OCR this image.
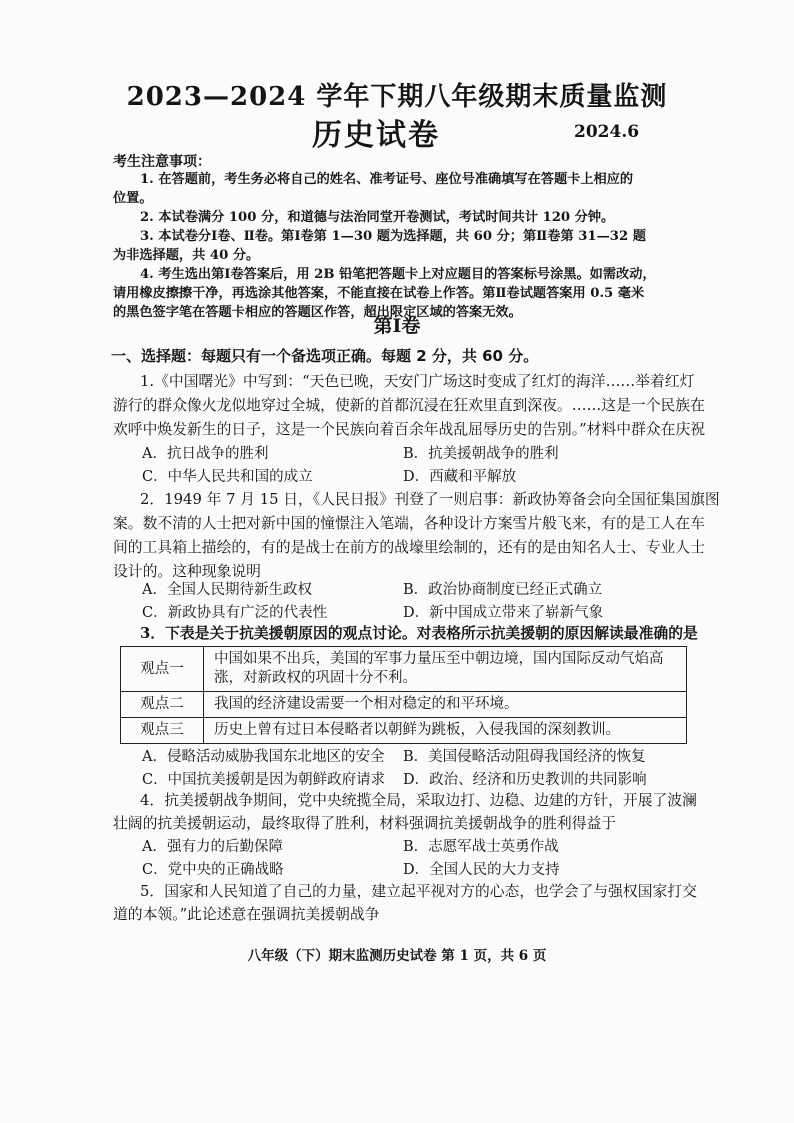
2023—2024 学年下期八年级期末质量监测
历史试卷	2024.6
考生注意事项：
1. 在答题前，考生务必将自己的姓名、准考证号、座位号准确填写在答题卡上相应的
位置。
2. 本试卷满分 100 分，和道德与法治同堂开卷测试，考试时间共计 120 分钟。
3. 本试卷分Ⅰ卷、Ⅱ卷。第Ⅰ卷第 1—30 题为选择题，共 60 分；第Ⅱ卷第 31—32 题
为非选择题，共 40 分。
4. 考生选出第Ⅰ卷答案后，用 2B 铅笔把答题卡上对应题目的答案标号涂黑。如需改动，
请用橡皮擦擦干净，再选涂其他答案，不能直接在试卷上作答。第Ⅱ卷试题答案用 0.5 毫米
的黑色签字笔在答题卡相应的答题区作答，超出限定区域的答案无效。
第Ⅰ卷
一、选择题：每题只有一个备选项正确。每题 2 分，共 60 分。
1.《中国曙光》中写到：“天色已晚，天安门广场这时变成了红灯的海洋……举着红灯
游行的群众像火龙似地穿过全城，使新的首都沉浸在狂欢里直到深夜。……这是一个民族在
欢呼中焕发新生的日子，这是一个民族向着百余年战乱屈辱历史的告别。”材料中群众在庆祝
A．抗日战争的胜利	B．抗美援朝战争的胜利
C．中华人民共和国的成立	D．西藏和平解放
2．1949 年 7 月 15 日，《人民日报》刊登了一则启事：新政协筹备会向全国征集国旗图
案。数不清的人士把对新中国的憧憬注入笔端，各种设计方案雪片般飞来，有的是工人在车
间的工具箱上描绘的，有的是战士在前方的战壕里绘制的，还有的是由知名人士、专业人士
设计的。这种现象说明
A．全国人民期待新生政权	B．政治协商制度已经正式确立
C．新政协具有广泛的代表性	D．新中国成立带来了崭新气象
3．下表是关于抗美援朝原因的观点讨论。对表格所示抗美援朝的原因解读最准确的是
观点一	中国如果不出兵，美国的军事力量压至中朝边境，国内国际反动气焰高涨，对新政权的巩固十分不利。
观点二	我国的经济建设需要一个相对稳定的和平环境。
观点三	历史上曾有过日本侵略者以朝鲜为跳板，入侵我国的深刻教训。
A．侵略活动威胁我国东北地区的安全 B．美国侵略活动阻碍我国经济的恢复
C．中国抗美援朝是因为朝鲜政府请求 D．政治、经济和历史教训的共同影响
4．抗美援朝战争期间，党中央统揽全局，采取边打、边稳、边建的方针，开展了波澜
壮阔的抗美援朝运动，最终取得了胜利，材料强调抗美援朝战争的胜利得益于
A．强有力的后勤保障	B．志愿军战士英勇作战
C．党中央的正确战略	D．全国人民的大力支持
5．国家和人民知道了自己的力量，建立起平视对方的心态，也学会了与强权国家打交
道的本领。”此论述意在强调抗美援朝战争
八年级（下）期末监测历史试卷 第 1 页，共 6 页
